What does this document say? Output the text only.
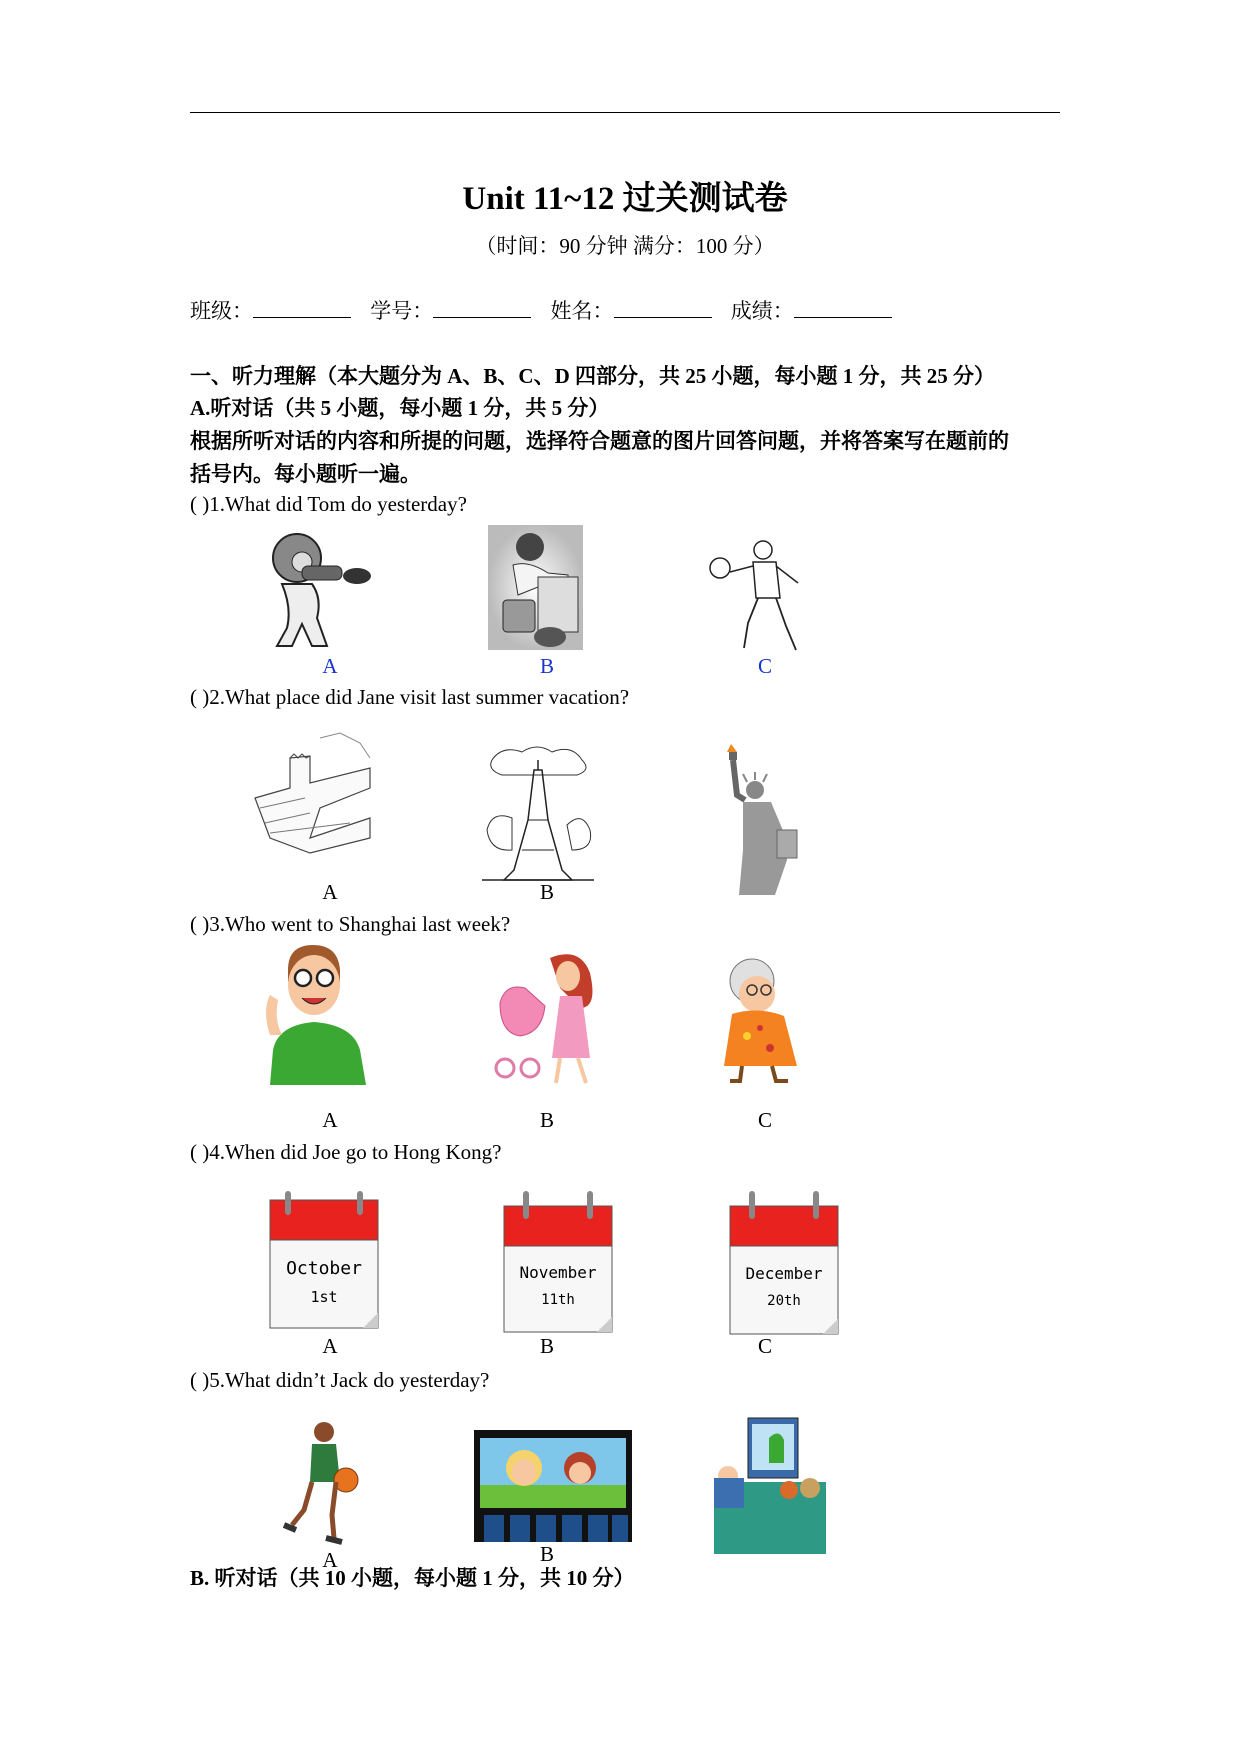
Unit 11~12 过关测试卷
（时间：90 分钟 满分：100 分）
班级：	学号：	姓名：	成绩：
一、听力理解（本大题分为 A、B、C、D 四部分，共 25 小题，每小题 1 分，共 25 分）
A.听对话（共 5 小题，每小题 1 分，共 5 分）
根据所听对话的内容和所提的问题，选择符合题意的图片回答问题，并将答案写在题前的
括号内。每小题听一遍。
( )1.What did Tom do yesterday?
A	B	C
( )2.What place did Jane visit last summer vacation?
A	B
( )3.Who went to Shanghai last week?
A	B	C
( )4.When did Joe go to Hong Kong?
October
1st
November
11th
December
20th
A	B	C
( )5.What didn’t Jack do yesterday?
A	B
B. 听对话（共 10 小题，每小题 1 分，共 10 分）
